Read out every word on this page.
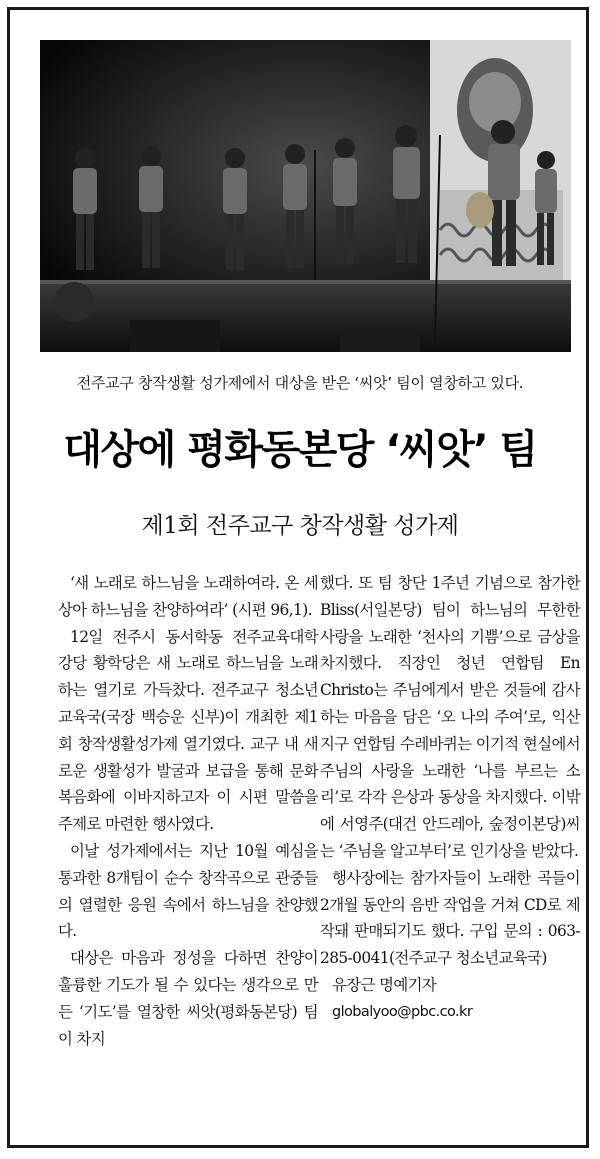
전주교구 창작생활 성가제에서 대상을 받은 ‘씨앗’ 팀이 열창하고 있다.
대상에 평화동본당 ‘씨앗’ 팀
제1회 전주교구 창작생활 성가제

‘새 노래로 하느님을 노래하여라. 온 세상아 하느님을 찬양하여라’ (시편 96,1).

12일 전주시 동서학동 전주교육대학 강당 황학당은 새 노래로 하느님을 노래하는 열기로 가득찼다. 전주교구 청소년교육국(국장 백승운 신부)이 개최한 제1회 창작생활성가제 열기였다. 교구 내 새로운 생활성가 발굴과 보급을 통해 문화복음화에 이바지하고자 이 시편 말씀을 주제로 마련한 행사였다.

이날 성가제에서는 지난 10월 예심을 통과한 8개팀이 순수 창작곡으로 관중들의 열렬한 응원 속에서 하느님을 찬양했다.

대상은 마음과 정성을 다하면 찬양이 훌륭한 기도가 될 수 있다는 생각으로 만든 ‘기도’를 열창한 씨앗(평화동본당) 팀이 차지

했다. 또 팀 창단 1주년 기념으로 참가한 Bliss(서일본당) 팀이 하느님의 무한한 사랑을 노래한 ‘천사의 기쁨’으로 금상을 차지했다. 직장인 청년 연합팀 En Christo는 주님에게서 받은 것들에 감사하는 마음을 담은 ‘오 나의 주여’로, 익산지구 연합팀 수레바퀴는 이기적 현실에서 주님의 사랑을 노래한 ‘나를 부르는 소리’로 각각 은상과 동상을 차지했다. 이밖에 서영주(대건 안드레아, 숲정이본당)씨는 ‘주님을 알고부터’로 인기상을 받았다.

행사장에는 참가자들이 노래한 곡들이 2개월 동안의 음반 작업을 거쳐 CD로 제작돼 판매되기도 했다. 구입 문의 : 063-285-0041(전주교구 청소년교육국)

유장근 명예기자

globalyoo@pbc.co.kr
